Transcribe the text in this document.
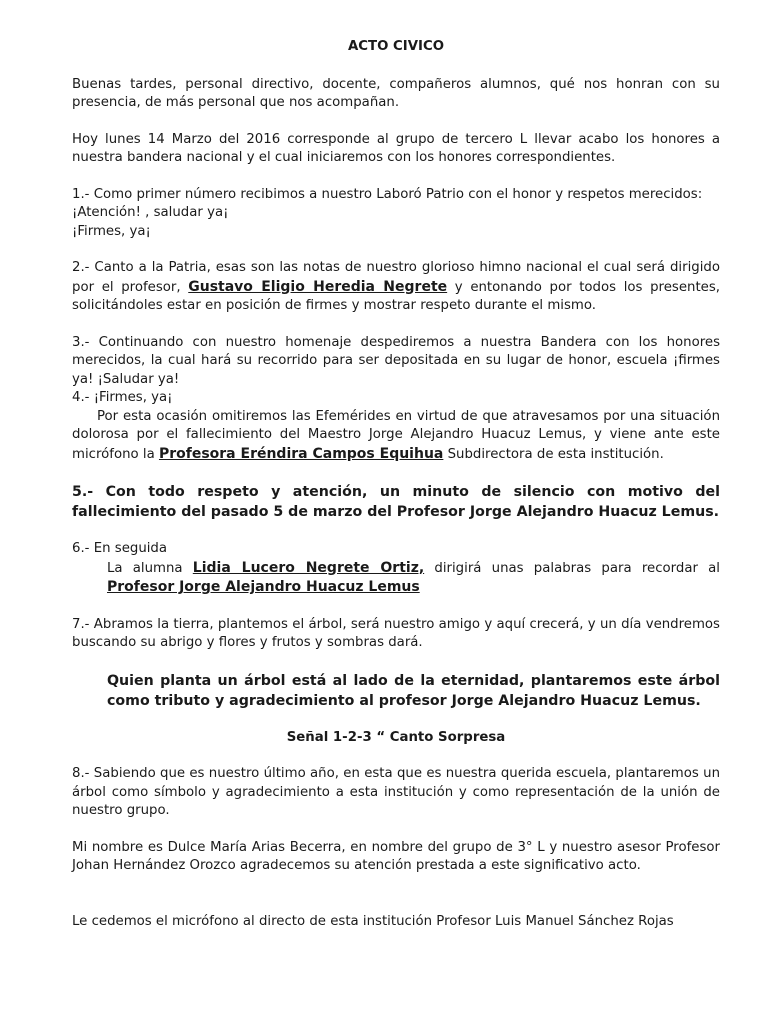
ACTO CIVICO

Buenas tardes, personal directivo, docente, compañeros alumnos, qué nos honran con su presencia, de más personal que nos acompañan.

Hoy lunes 14 Marzo del 2016 corresponde al grupo de tercero L llevar acabo los honores a nuestra bandera nacional y el cual iniciaremos con los honores correspondientes.

1.- Como primer número recibimos a nuestro Laboró Patrio con el honor y respetos merecidos:

¡Atención! , saludar ya¡

¡Firmes, ya¡

2.- Canto a la Patria, esas son las notas de nuestro glorioso himno nacional el cual será dirigido por el profesor, Gustavo Eligio Heredia Negrete y entonando por todos los presentes, solicitándoles estar en posición de firmes y mostrar respeto durante el mismo.

3.- Continuando con nuestro homenaje despediremos a nuestra Bandera con los honores merecidos, la cual hará su recorrido para ser depositada en su lugar de honor, escuela ¡firmes ya! ¡Saludar ya!

4.- ¡Firmes, ya¡

Por esta ocasión omitiremos las Efemérides en virtud de que atravesamos por una situación dolorosa por el fallecimiento del Maestro Jorge Alejandro Huacuz Lemus, y viene ante este micrófono la Profesora Eréndira Campos Equihua Subdirectora de esta institución.

5.- Con todo respeto y atención, un minuto de silencio con motivo del fallecimiento del pasado 5 de marzo del Profesor Jorge Alejandro Huacuz Lemus.

6.- En seguida

La alumna Lidia Lucero Negrete Ortiz, dirigirá unas palabras para recordar al Profesor Jorge Alejandro Huacuz Lemus

7.- Abramos la tierra, plantemos el árbol, será nuestro amigo y aquí crecerá, y un día vendremos buscando su abrigo y flores y frutos y sombras dará.

Quien planta un árbol está al lado de la eternidad, plantaremos este árbol como tributo y agradecimiento al profesor Jorge Alejandro Huacuz Lemus.

Señal 1-2-3 “ Canto Sorpresa

8.- Sabiendo que es nuestro último año, en esta que es nuestra querida escuela, plantaremos un árbol como símbolo y agradecimiento a esta institución y como representación de la unión de nuestro grupo.

Mi nombre es Dulce María Arias Becerra, en nombre del grupo de 3° L y nuestro asesor Profesor Johan Hernández Orozco agradecemos su atención prestada a este significativo acto.

Le cedemos el micrófono al directo de esta institución Profesor Luis Manuel Sánchez Rojas
